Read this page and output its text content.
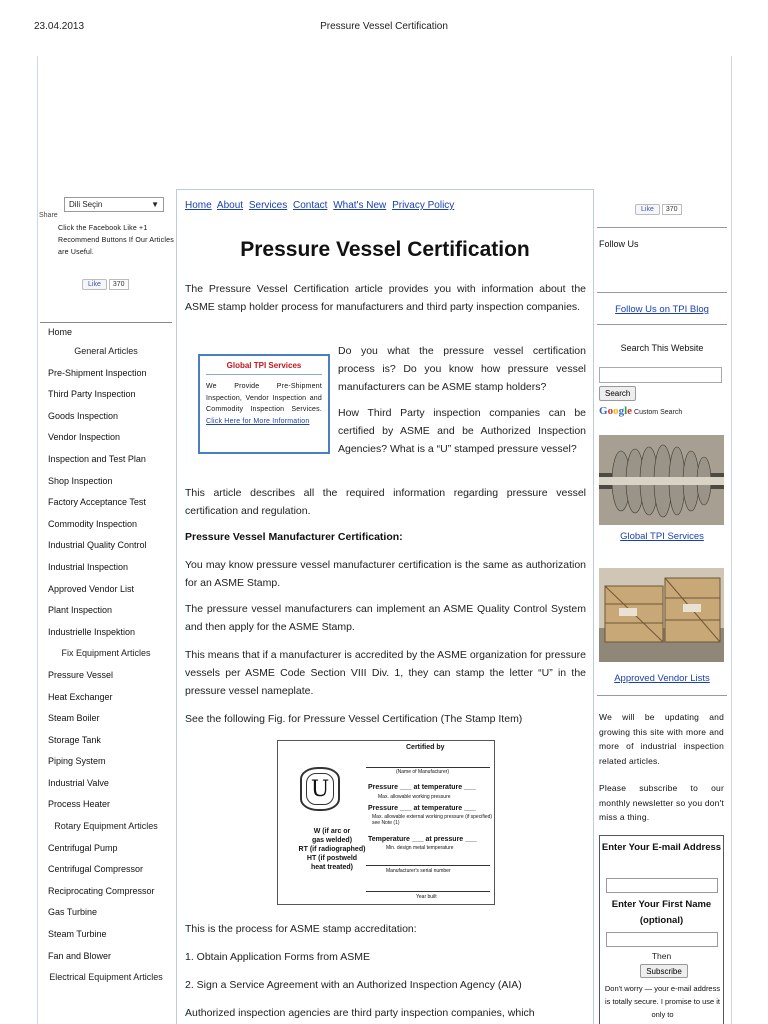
23.04.2013	Pressure Vessel Certification
Dili Seçin	▼
Share
Click the Facebook Like +1 Recommend Buttons If Our Articles are Useful.
Like	370
Home
General Articles
Pre-Shipment Inspection
Third Party Inspection
Goods Inspection
Vendor Inspection
Inspection and Test Plan
Shop Inspection
Factory Acceptance Test
Commodity Inspection
Industrial Quality Control
Industrial Inspection
Approved Vendor List
Plant Inspection
Industrielle Inspektion
Fix Equipment Articles
Pressure Vessel
Heat Exchanger
Steam Boiler
Storage Tank
Piping System
Industrial Valve
Process Heater
Rotary Equipment Articles
Centrifugal Pump
Centrifugal Compressor
Reciprocating Compressor
Gas Turbine
Steam Turbine
Fan and Blower
Electrical Equipment Articles
Home About Services Contact What's New Privacy Policy
Pressure Vessel Certification

The Pressure Vessel Certification article provides you with information about the ASME stamp holder process for manufacturers and third party inspection companies.

Global TPI Services
We Provide Pre-Shipment Inspection, Vendor Inspection and Commodity Inspection Services. Click Here for More Information

Do you what the pressure vessel certification process is? Do you know how pressure vessel manufacturers can be ASME stamp holders?

How Third Party inspection companies can be certified by ASME and be Authorized Inspection Agencies? What is a “U” stamped pressure vessel?

This article describes all the required information regarding pressure vessel certification and regulation.

Pressure Vessel Manufacturer Certification:

You may know pressure vessel manufacturer certification is the same as authorization for an ASME Stamp.

The pressure vessel manufacturers can implement an ASME Quality Control System and then apply for the ASME Stamp.

This means that if a manufacturer is accredited by the ASME organization for pressure vessels per ASME Code Section VIII Div. 1, they can stamp the letter “U” in the pressure vessel nameplate.

See the following Fig. for Pressure Vessel Certification (The Stamp Item)

Certified by
(Name of Manufacturer)
U	Pressure ___ at temperature ___
Max. allowable working pressure
Pressure ___ at temperature ___
Max. allowable external working pressure (if specified) see Note (1)
Temperature ___ at pressure ___
Min. design metal temperature
Manufacturer's serial number
Year built
W (if arc or
gas welded)
RT (if radiographed)
HT (if postweld
heat treated)

This is the process for ASME stamp accreditation:

1. Obtain Application Forms from ASME

2. Sign a Service Agreement with an Authorized Inspection Agency (AIA)

Authorized inspection agencies are third party inspection companies, which

Like	370
Follow Us
Follow Us on TPI Blog
Search This Website
Search
Google Custom Search
Global TPI Services
Approved Vendor Lists

We will be updating and growing this site with more and more of industrial inspection related articles.

Please subscribe to our monthly newsletter so you don't miss a thing.

Enter Your E-mail Address
Enter Your First Name (optional)
Then
Subscribe
Don't worry — your e-mail address is totally secure. I promise to use it only to
